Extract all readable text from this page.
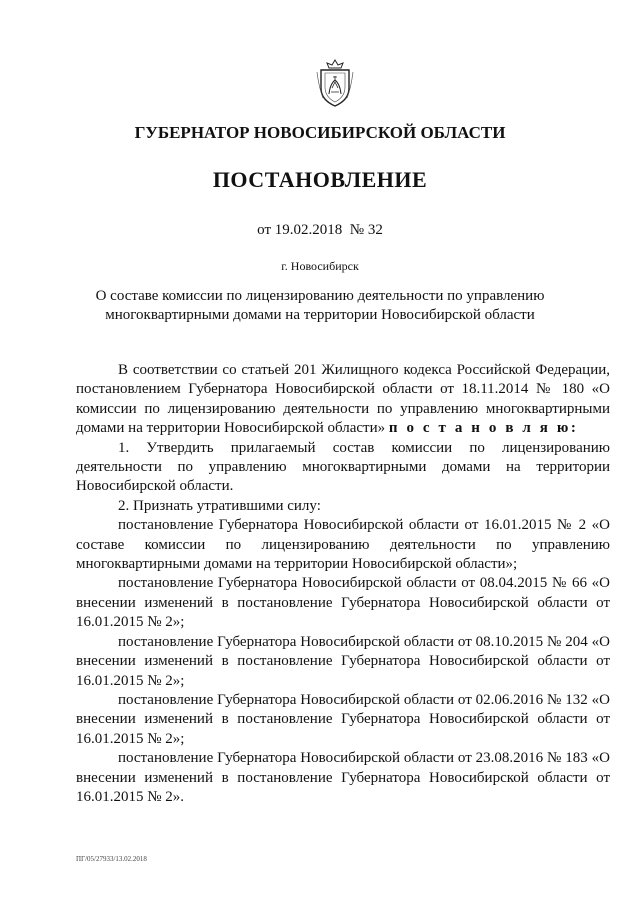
ГУБЕРНАТОР НОВОСИБИРСКОЙ ОБЛАСТИ
ПОСТАНОВЛЕНИЕ
от 19.02.2018  № 32
г. Новосибирск
О составе комиссии по лицензированию деятельности по управлению
многоквартирными домами на территории Новосибирской области

В соответствии со статьей 201 Жилищного кодекса Российской Федерации, постановлением Губернатора Новосибирской области от 18.11.2014 № 180 «О комиссии по лицензированию деятельности по управлению многоквартирными домами на территории Новосибирской области» п о с т а н о в л я ю:

1. Утвердить прилагаемый состав комиссии по лицензированию деятельности по управлению многоквартирными домами на территории Новосибирской области.

2. Признать утратившими силу:

постановление Губернатора Новосибирской области от 16.01.2015 № 2 «О составе комиссии по лицензированию деятельности по управлению многоквартирными домами на территории Новосибирской области»;

постановление Губернатора Новосибирской области от 08.04.2015 № 66 «О внесении изменений в постановление Губернатора Новосибирской области от 16.01.2015 № 2»;

постановление Губернатора Новосибирской области от 08.10.2015 № 204 «О внесении изменений в постановление Губернатора Новосибирской области от 16.01.2015 № 2»;

постановление Губернатора Новосибирской области от 02.06.2016 № 132 «О внесении изменений в постановление Губернатора Новосибирской области от 16.01.2015 № 2»;

постановление Губернатора Новосибирской области от 23.08.2016 № 183 «О внесении изменений в постановление Губернатора Новосибирской области от 16.01.2015 № 2».

ПГ/05/27933/13.02.2018
